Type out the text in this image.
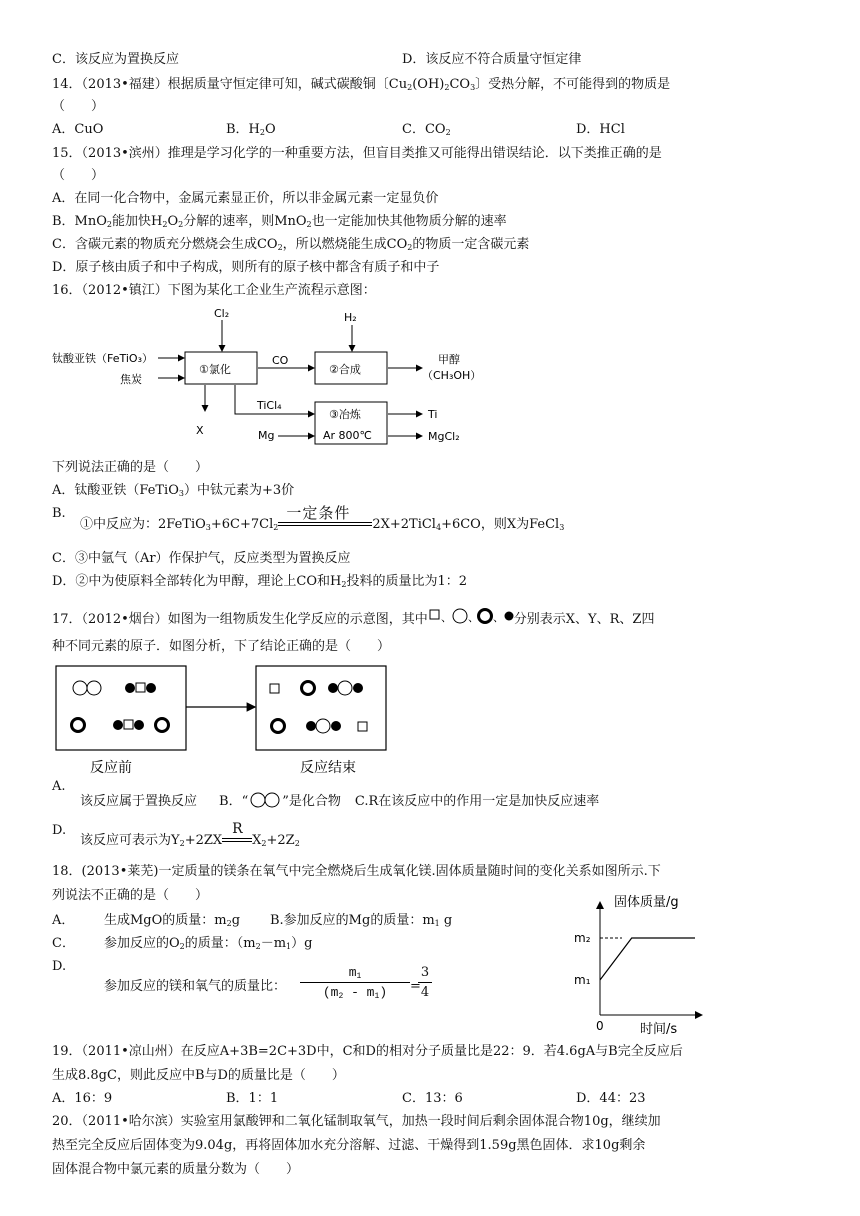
C．该反应为置换反应	D．该反应不符合质量守恒定律
14．（2013•福建）根据质量守恒定律可知，碱式碳酸铜〔$Cu_2(OH)_2CO_3$〕受热分解，不可能得到的物质是
（　　）
A．CuO	B．$H_2O$	C．$CO_2$	D．HCl
15．（2013•滨州）推理是学习化学的一种重要方法，但盲目类推又可能得出错误结论．以下类推正确的是
（　　）
A．在同一化合物中，金属元素显正价，所以非金属元素一定显负价
B．MnO$_2$能加快$H_2O_2$分解的速率，则MnO$_2$也一定能加快其他物质分解的速率
C．含碳元素的物质充分燃烧会生成$CO_2$，所以燃烧能生成$CO_2$的物质一定含碳元素
D．原子核由质子和中子构成，则所有的原子核中都含有质子和中子
16．（2012•镇江）下图为某化工企业生产流程示意图：
Cl₂	H₂
钛酸亚铁（FeTiO₃）
焦炭
①氯化
CO
②合成
甲醇
（CH₃OH）
X
TiCl₄
Mg
③冶炼
Ar 800℃
Ti
MgCl₂
下列说法正确的是（　　）
A．钛酸亚铁（FeTiO$_3$）中钛元素为+3价
B.
①中反应为：$2FeTiO_3+6C+7Cl_2$
一定条件
2X+2TiCl$_4$+6CO，则X为FeCl$_3$
C．③中氩气（Ar）作保护气，反应类型为置换反应
D．②中为使原料全部转化为甲醇，理论上CO和$H_2$投料的质量比为1：2
17．（2012•烟台）如图为一组物质发生化学反应的示意图，其中 、 、 、 分别表示X、Y、R、Z四
种不同元素的原子．如图分析，下了结论正确的是（　　）
反应前	反应结束
A.
该反应属于置换反应 B．“	”是化合物 C.R在该反应中的作用一定是加快反应速率
D.
该反应可表示为$Y_2+2ZX$
R
$X_2+2Z_2$
18．(2013•莱芜)一定质量的镁条在氧气中完全燃烧后生成氧化镁.固体质量随时间的变化关系如图所示.下
列说法不正确的是（　　）
A． 生成MgO的质量：$m_2g$ B.参加反应的Mg的质量：$m_1$ g
C． 参加反应的$O_2$的质量：$(m_2-m_1)g$
D.
参加反应的镁和氧气的质量比：
$m_1$
$(m_2 - m_1)$	=
3
4
固体质量/g
时间/s
m₂
m₁
0
19．（2011•凉山州）在反应A+3B=2C+3D中，C和D的相对分子质量比是22：9．若4.6gA与B完全反应后
生成8.8gC，则此反应中B与D的质量比是（　　）
A．16：9	B．1：1	C．13：6	D．44：23
20．（2011•哈尔滨）实验室用氯酸钾和二氧化锰制取氧气，加热一段时间后剩余固体混合物10g，继续加
热至完全反应后固体变为9.04g，再将固体加水充分溶解、过滤、干燥得到1.59g黑色固体．求10g剩余
固体混合物中氯元素的质量分数为（　　）
